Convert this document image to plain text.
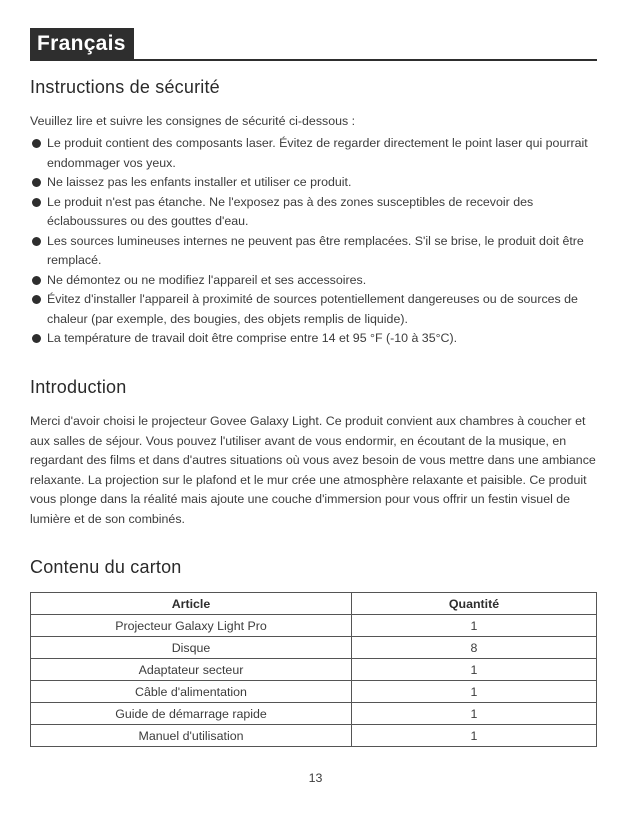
Français
Instructions de sécurité

Veuillez lire et suivre les consignes de sécurité ci-dessous :

Le produit contient des composants laser. Évitez de regarder directement le point laser qui pourrait endommager vos yeux.
Ne laissez pas les enfants installer et utiliser ce produit.
Le produit n'est pas étanche. Ne l'exposez pas à des zones susceptibles de recevoir des éclaboussures ou des gouttes d'eau.
Les sources lumineuses internes ne peuvent pas être remplacées. S'il se brise, le produit doit être remplacé.
Ne démontez ou ne modifiez l'appareil et ses accessoires.
Évitez d'installer l'appareil à proximité de sources potentiellement dangereuses ou de sources de chaleur (par exemple, des bougies, des objets remplis de liquide).
La température de travail doit être comprise entre 14 et 95 °F (-10 à 35°C).
Introduction

Merci d'avoir choisi le projecteur Govee Galaxy Light. Ce produit convient aux chambres à coucher et aux salles de séjour. Vous pouvez l'utiliser avant de vous endormir, en écoutant de la musique, en regardant des films et dans d'autres situations où vous avez besoin de vous mettre dans une ambiance relaxante. La projection sur le plafond et le mur crée une atmosphère relaxante et paisible. Ce produit vous plonge dans la réalité mais ajoute une couche d'immersion pour vous offrir un festin visuel de lumière et de son combinés.

Contenu du carton
Article	Quantité
Projecteur Galaxy Light Pro	1
Disque	8
Adaptateur secteur	1
Câble d'alimentation	1
Guide de démarrage rapide	1
Manuel d'utilisation	1
13
